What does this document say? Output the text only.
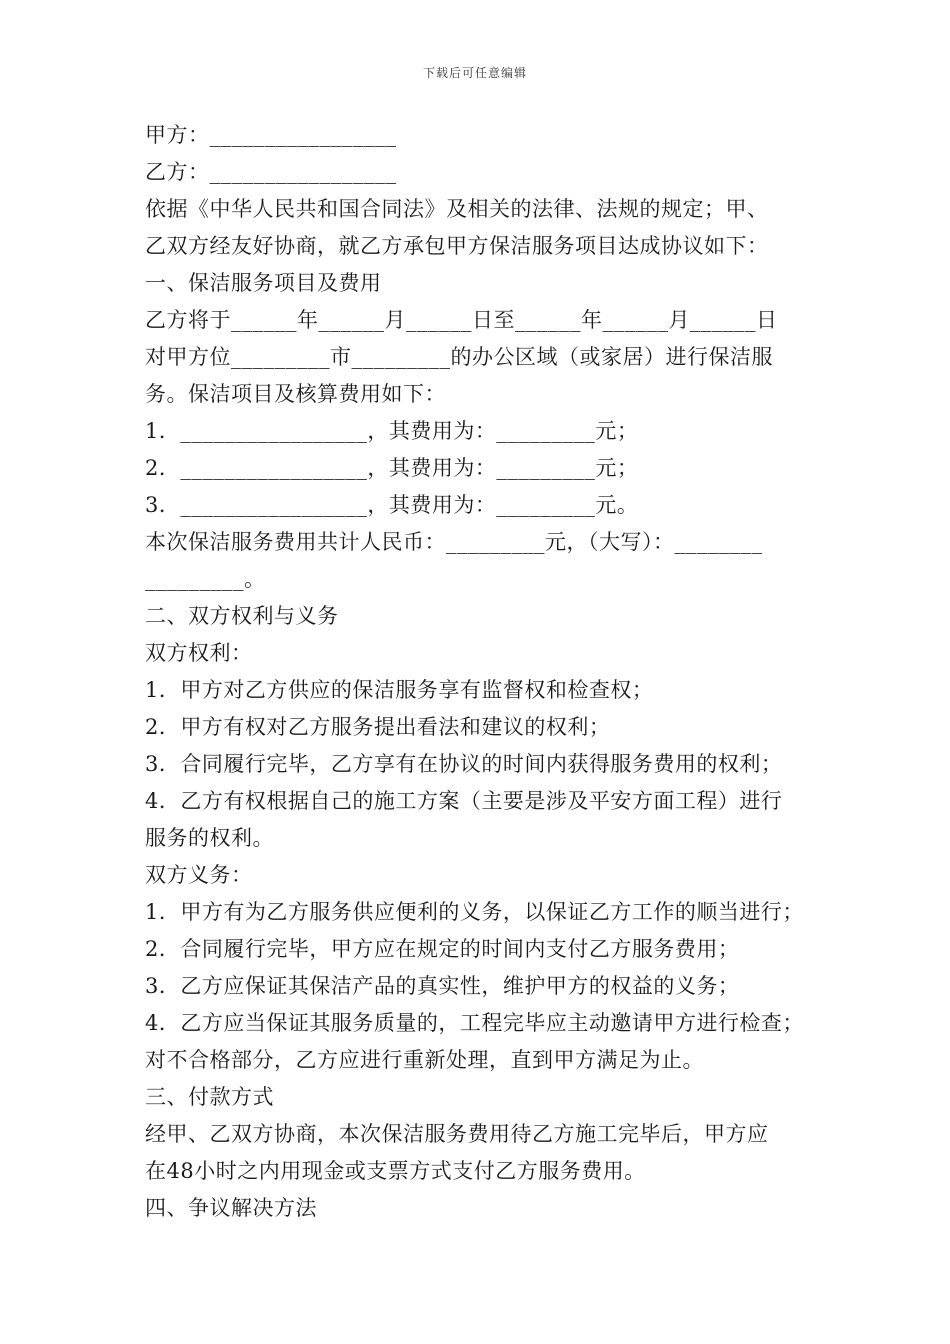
下载后可任意编辑
甲方：_________________
乙方：_________________
依据《中华人民共和国合同法》及相关的法律、法规的规定；甲、
乙双方经友好协商，就乙方承包甲方保洁服务项目达成协议如下：
一、保洁服务项目及费用
乙方将于______年______月______日至______年______月______日
对甲方位_________市_________的办公区域（或家居）进行保洁服
务。保洁项目及核算费用如下：
1．_________________，其费用为：_________元；
2．_________________，其费用为：_________元；
3．_________________，其费用为：_________元。
本次保洁服务费用共计人民币：_________元，（大写）：________
_________。
二、双方权利与义务
双方权利：
1．甲方对乙方供应的保洁服务享有监督权和检查权；
2．甲方有权对乙方服务提出看法和建议的权利；
3．合同履行完毕，乙方享有在协议的时间内获得服务费用的权利；
4．乙方有权根据自己的施工方案（主要是涉及平安方面工程）进行
服务的权利。
双方义务：
1．甲方有为乙方服务供应便利的义务，以保证乙方工作的顺当进行；
2．合同履行完毕，甲方应在规定的时间内支付乙方服务费用；
3．乙方应保证其保洁产品的真实性，维护甲方的权益的义务；
4．乙方应当保证其服务质量的，工程完毕应主动邀请甲方进行检查；
对不合格部分，乙方应进行重新处理，直到甲方满足为止。
三、付款方式
经甲、乙双方协商，本次保洁服务费用待乙方施工完毕后，甲方应
在48小时之内用现金或支票方式支付乙方服务费用。
四、争议解决方法
